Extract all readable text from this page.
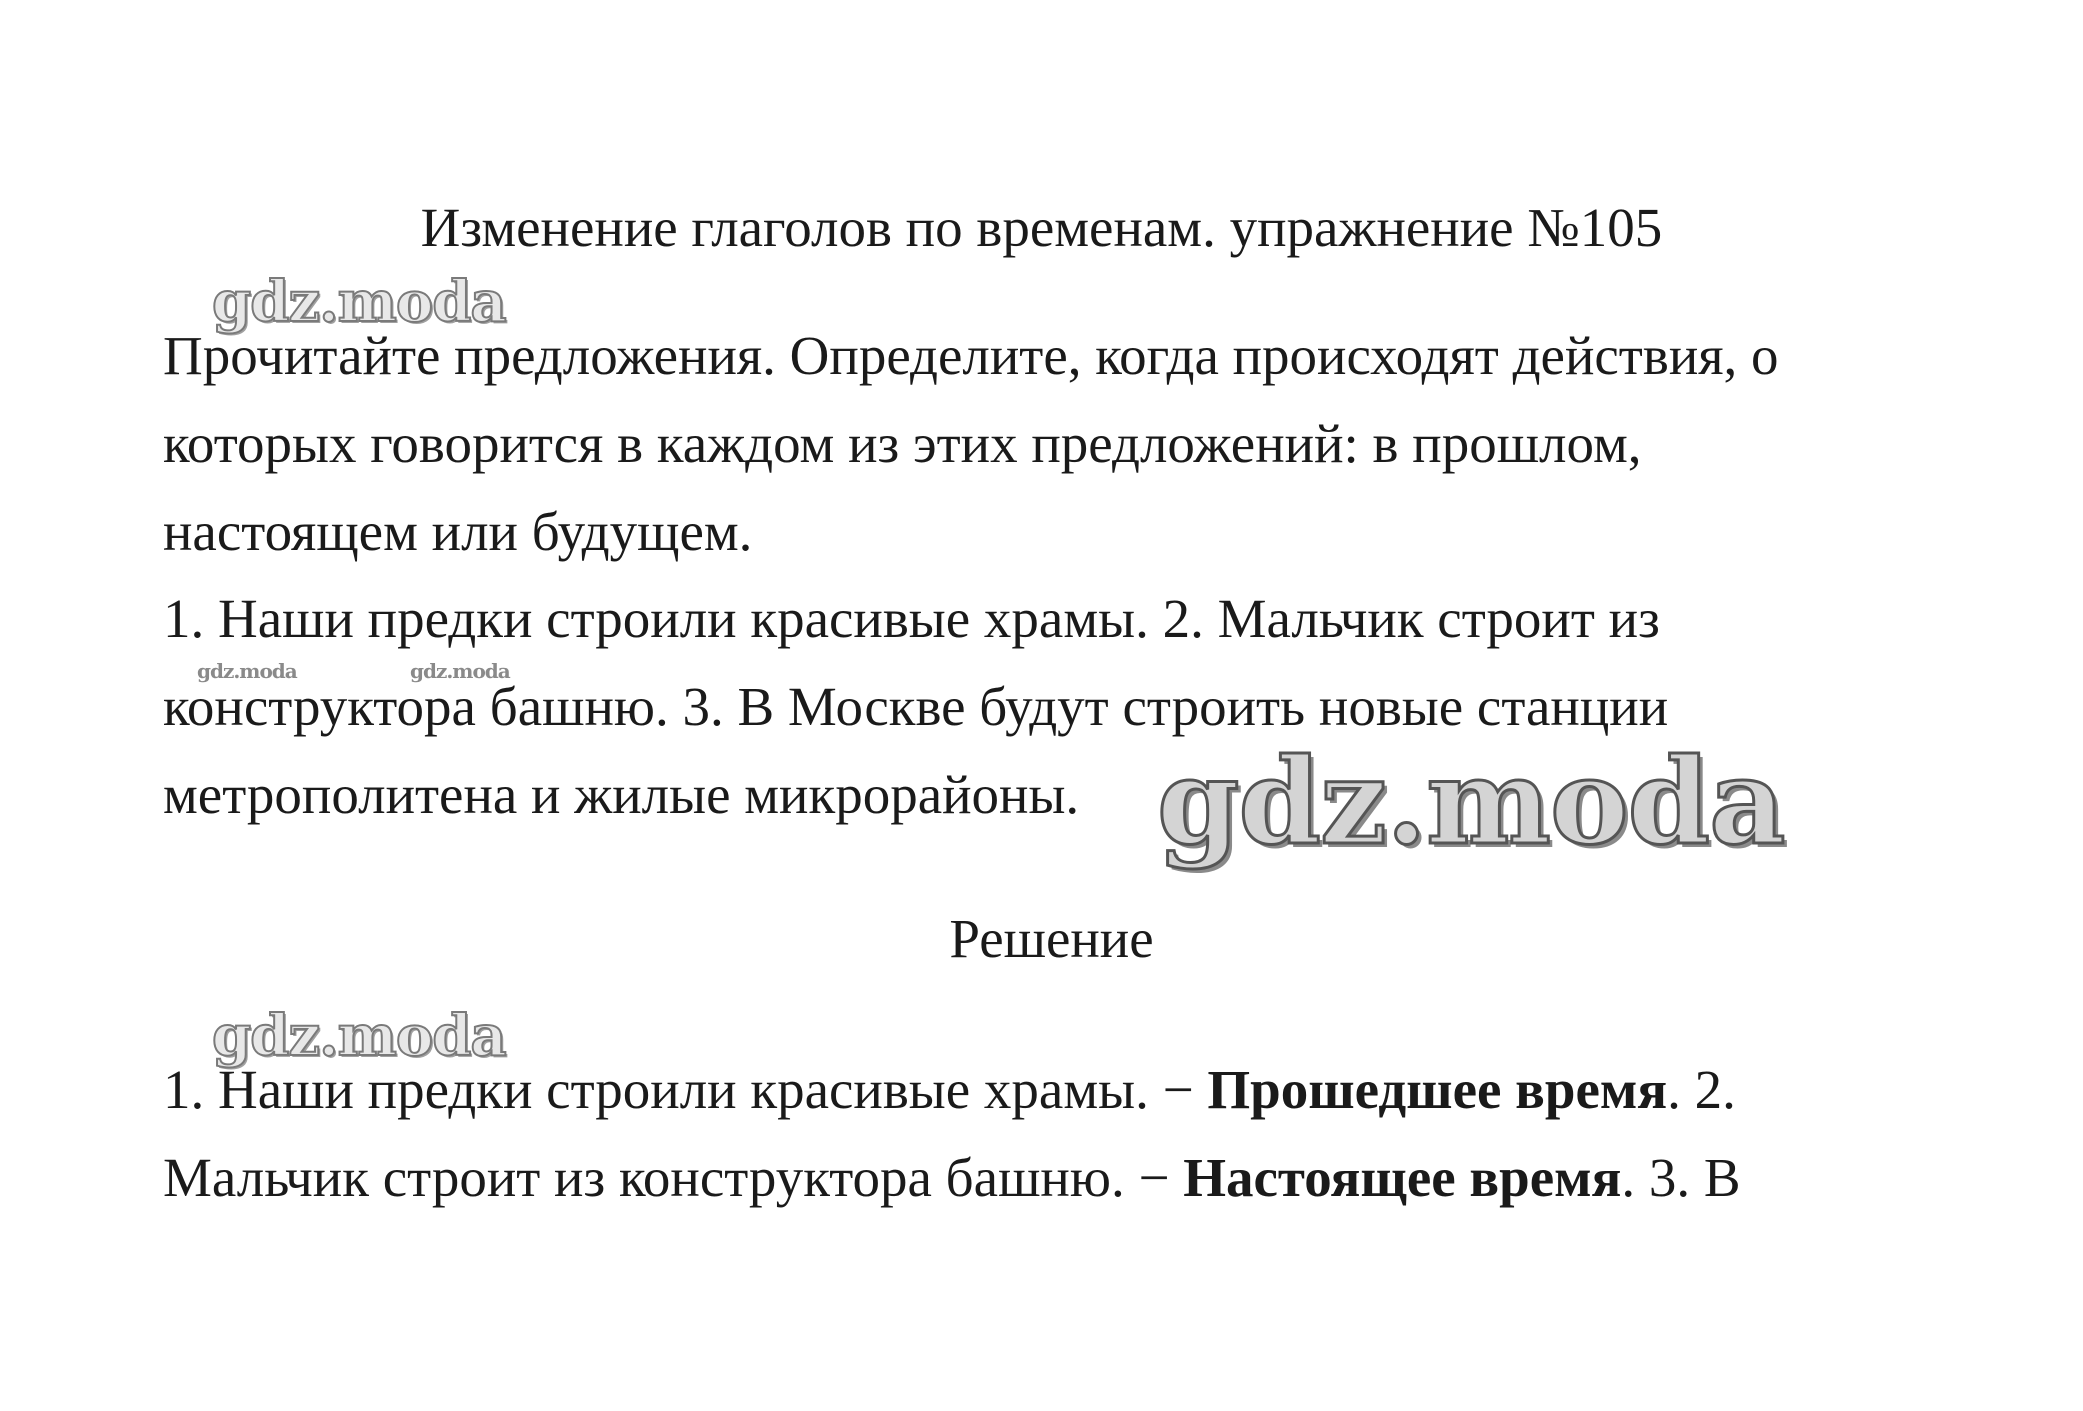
Изменение глаголов по временам. упражнение №105
gdz.moda
Прочитайте предложения. Определите, когда происходят действия, о
которых говорится в каждом из этих предложений: в прошлом,
настоящем или будущем.
1. Наши предки строили красивые храмы. 2. Мальчик строит из
gdz.moda	gdz.moda
конструктора башню. 3. В Москве будут строить новые станции
метрополитена и жилые микрорайоны. gdz.moda
Решение
gdz.moda
1. Наши предки строили красивые храмы. − Прошедшее время. 2.
Мальчик строит из конструктора башню. − Настоящее время. 3. В
